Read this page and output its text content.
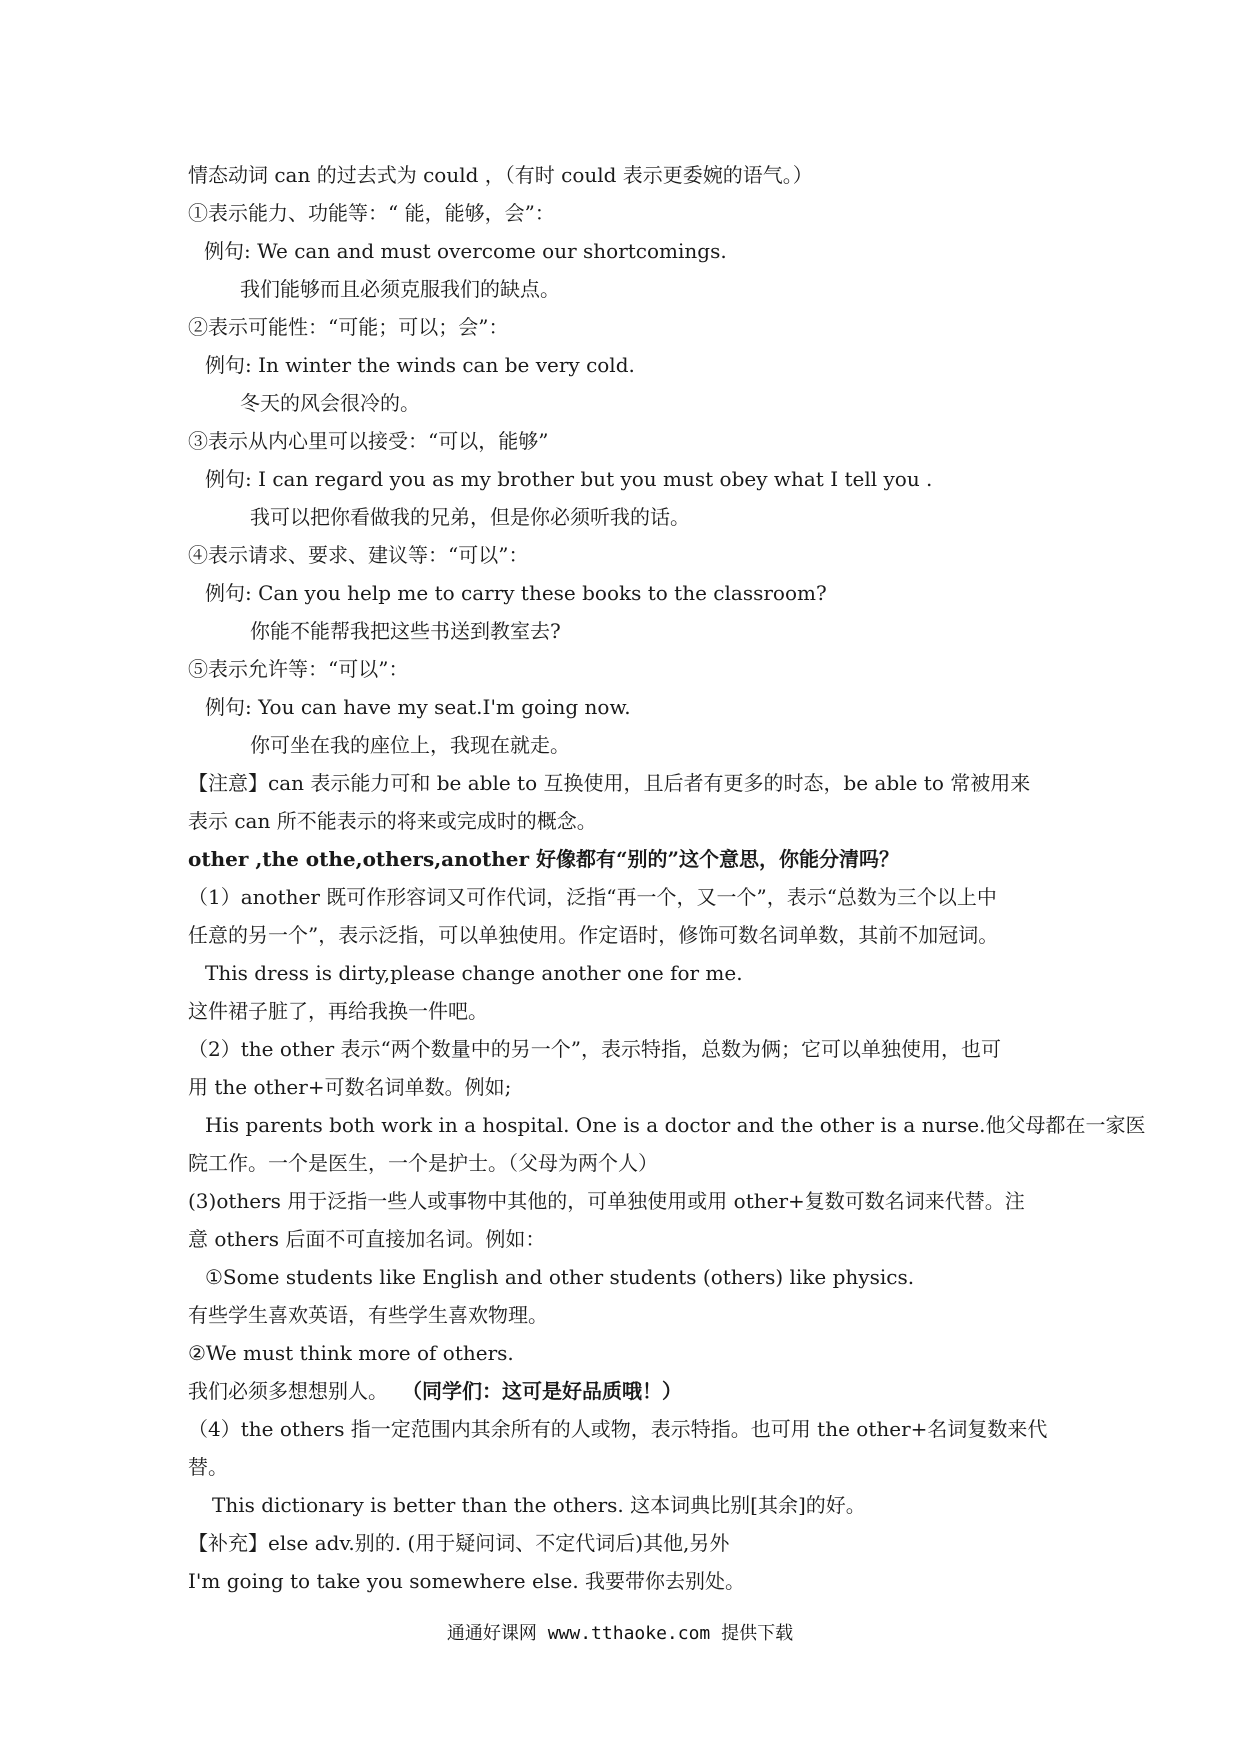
情态动词 can 的过去式为 could ，（有时 could 表示更委婉的语气。）
①表示能力、功能等：“ 能，能够，会”：
例句: We can and must overcome our shortcomings.
我们能够而且必须克服我们的缺点。
②表示可能性：“可能；可以；会”：
例句: In winter the winds can be very cold.
冬天的风会很冷的。
③表示从内心里可以接受：“可以，能够”
例句: I can regard you as my brother but you must obey what I tell you .
我可以把你看做我的兄弟，但是你必须听我的话。
④表示请求、要求、建议等：“可以”：
例句: Can you help me to carry these books to the classroom?
你能不能帮我把这些书送到教室去?
⑤表示允许等：“可以”：
例句: You can have my seat.I'm going now.
你可坐在我的座位上，我现在就走。
【注意】can 表示能力可和 be able to 互换使用，且后者有更多的时态，be able to 常被用来
表示 can 所不能表示的将来或完成时的概念。
other ,the othe,others,another 好像都有“别的”这个意思，你能分清吗？
（1）another 既可作形容词又可作代词，泛指“再一个，又一个”，表示“总数为三个以上中
任意的另一个”，表示泛指，可以单独使用。作定语时，修饰可数名词单数，其前不加冠词。
This dress is dirty,please change another one for me.
这件裙子脏了，再给我换一件吧。
（2）the other 表示“两个数量中的另一个”，表示特指，总数为俩；它可以单独使用，也可
用 the other+可数名词单数。例如;
His parents both work in a hospital. One is a doctor and the other is a nurse.他父母都在一家医
院工作。一个是医生，一个是护士。（父母为两个人）
(3)others 用于泛指一些人或事物中其他的，可单独使用或用 other+复数可数名词来代替。注
意 others 后面不可直接加名词。例如：
①Some students like English and other students (others) like physics.
有些学生喜欢英语，有些学生喜欢物理。
②We must think more of others.
我们必须多想想别人。 （同学们：这可是好品质哦！）
（4）the others 指一定范围内其余所有的人或物，表示特指。也可用 the other+名词复数来代
替。
This dictionary is better than the others. 这本词典比别[其余]的好。
【补充】else adv.别的. (用于疑问词、不定代词后)其他,另外
I'm going to take you somewhere else. 我要带你去别处。
通通好课网 www.tthaoke.com 提供下载
